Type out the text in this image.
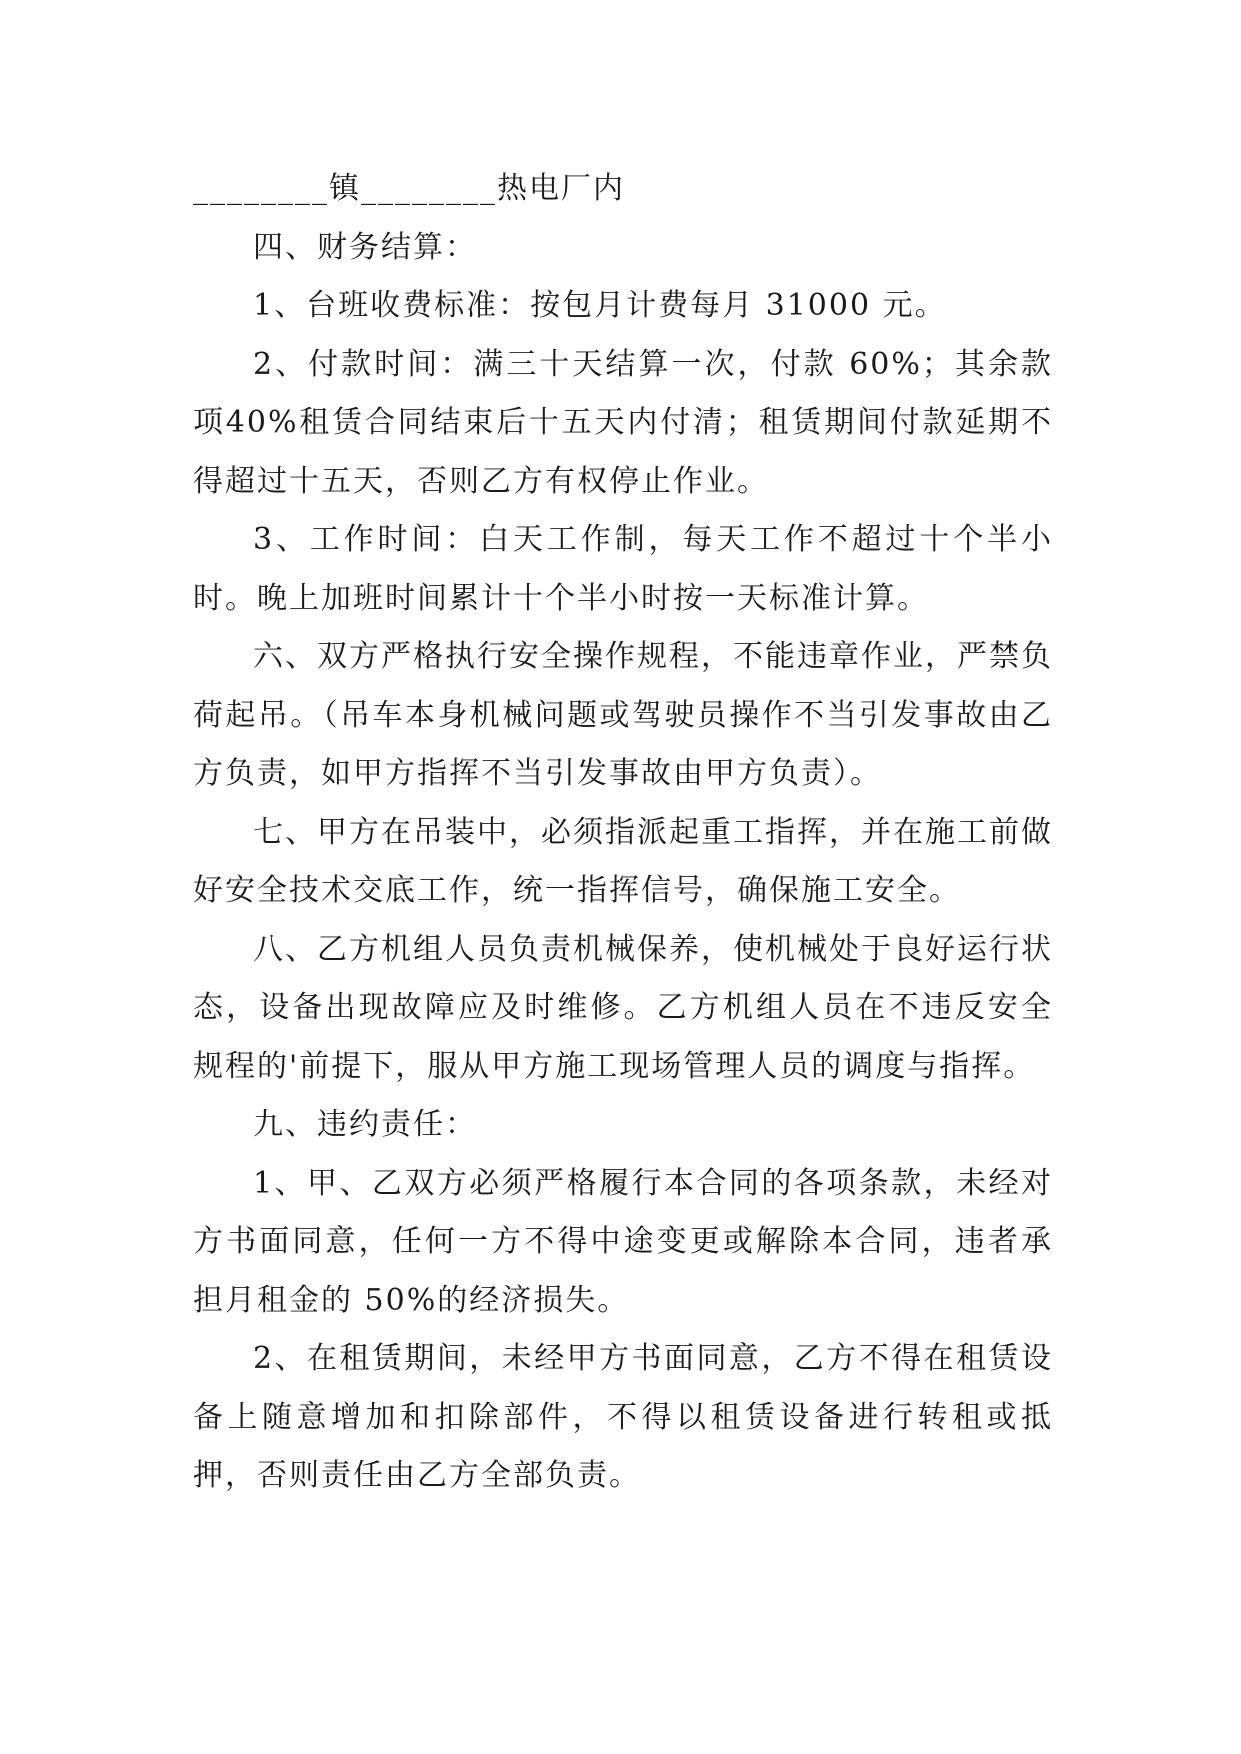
________镇________热电厂内

四、财务结算：

1、台班收费标准：按包月计费每月 31000 元。

2、付款时间：满三十天结算一次，付款 60%；其余款项40%租赁合同结束后十五天内付清；租赁期间付款延期不得超过十五天，否则乙方有权停止作业。

3、工作时间：白天工作制，每天工作不超过十个半小时。晚上加班时间累计十个半小时按一天标准计算。

六、双方严格执行安全操作规程，不能违章作业，严禁负荷起吊。（吊车本身机械问题或驾驶员操作不当引发事故由乙方负责，如甲方指挥不当引发事故由甲方负责）。

七、甲方在吊装中，必须指派起重工指挥，并在施工前做好安全技术交底工作，统一指挥信号，确保施工安全。

八、乙方机组人员负责机械保养，使机械处于良好运行状态，设备出现故障应及时维修。乙方机组人员在不违反安全规程的'前提下，服从甲方施工现场管理人员的调度与指挥。

九、违约责任：

1、甲、乙双方必须严格履行本合同的各项条款，未经对方书面同意，任何一方不得中途变更或解除本合同，违者承担月租金的 50%的经济损失。

2、在租赁期间，未经甲方书面同意，乙方不得在租赁设备上随意增加和扣除部件，不得以租赁设备进行转租或抵押，否则责任由乙方全部负责。
